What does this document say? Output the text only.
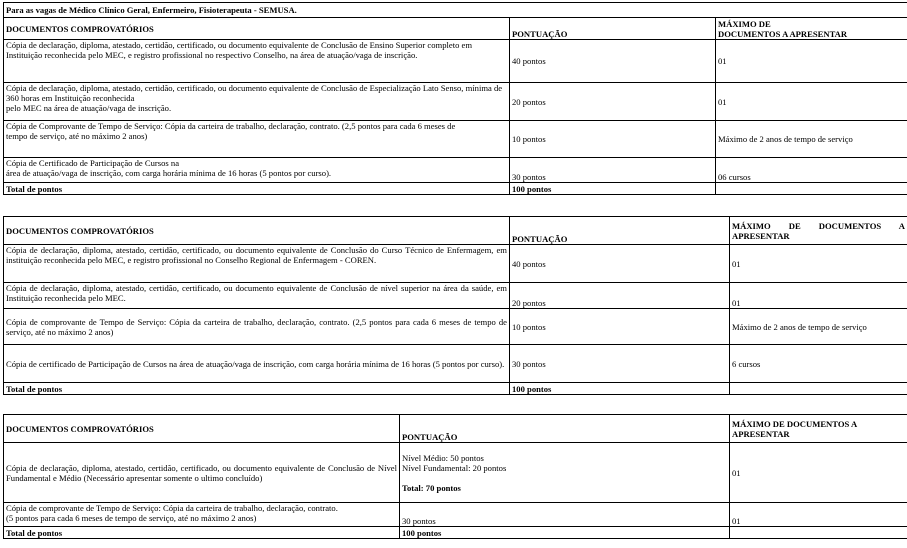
Para as vagas de Médico Clínico Geral, Enfermeiro, Fisioterapeuta - SEMUSA.		
DOCUMENTOS COMPROVATÓRIOS	PONTUAÇÃO	MÁXIMO DE
DOCUMENTOS A APRESENTAR
Cópia de declaração, diploma, atestado, certidão, certificado, ou documento equivalente de Conclusão de Ensino Superior completo em Instituição reconhecida pelo MEC, e registro profissional no respectivo Conselho, na área de atuação/vaga de inscrição.	40 pontos	01
Cópia de declaração, diploma, atestado, certidão, certificado, ou documento equivalente de Conclusão de Especialização Lato Senso, mínima de 360 horas em Instituição reconhecida
pelo MEC na área de atuação/vaga de inscrição.	20 pontos	01
Cópia de Comprovante de Tempo de Serviço: Cópia da carteira de trabalho, declaração, contrato. (2,5 pontos para cada 6 meses de
tempo de serviço, até no máximo 2 anos)	10 pontos	Máximo de 2 anos de tempo de serviço
Cópia de Certificado de Participação de Cursos na
área de atuação/vaga de inscrição, com carga horária mínima de 16 horas (5 pontos por curso).	30 pontos	06 cursos
Total de pontos	100 pontos	
DOCUMENTOS COMPROVATÓRIOS	PONTUAÇÃO	MÁXIMO DE DOCUMENTOS A APRESENTAR
Cópia de declaração, diploma, atestado, certidão, certificado, ou documento equivalente de Conclusão do Curso Técnico de Enfermagem, em instituição reconhecida pelo MEC, e registro profissional no Conselho Regional de Enfermagem - COREN.	40 pontos	01
Cópia de declaração, diploma, atestado, certidão, certificado, ou documento equivalente de Conclusão de nível superior na área da saúde, em Instituição reconhecida pelo MEC.	20 pontos	01
Cópia de comprovante de Tempo de Serviço: Cópia da carteira de trabalho, declaração, contrato. (2,5 pontos para cada 6 meses de tempo de serviço, até no máximo 2 anos)	10 pontos	Máximo de 2 anos de tempo de serviço
Cópia de certificado de Participação de Cursos na área de atuação/vaga de inscrição, com carga horária mínima de 16 horas (5 pontos por curso).	30 pontos	6 cursos
Total de pontos	100 pontos	
DOCUMENTOS COMPROVATÓRIOS	PONTUAÇÃO	MÁXIMO DE DOCUMENTOS A APRESENTAR
Cópia de declaração, diploma, atestado, certidão, certificado, ou documento equivalente de Conclusão de Nível Fundamental e Médio (Necessário apresentar somente o ultimo concluído)	Nível Médio: 50 pontos
Nível Fundamental: 20 pontos
Total: 70 pontos	01
Cópia de comprovante de Tempo de Serviço: Cópia da carteira de trabalho, declaração, contrato.
(5 pontos para cada 6 meses de tempo de serviço, até no máximo 2 anos)	30 pontos	01
Total de pontos	100 pontos	
